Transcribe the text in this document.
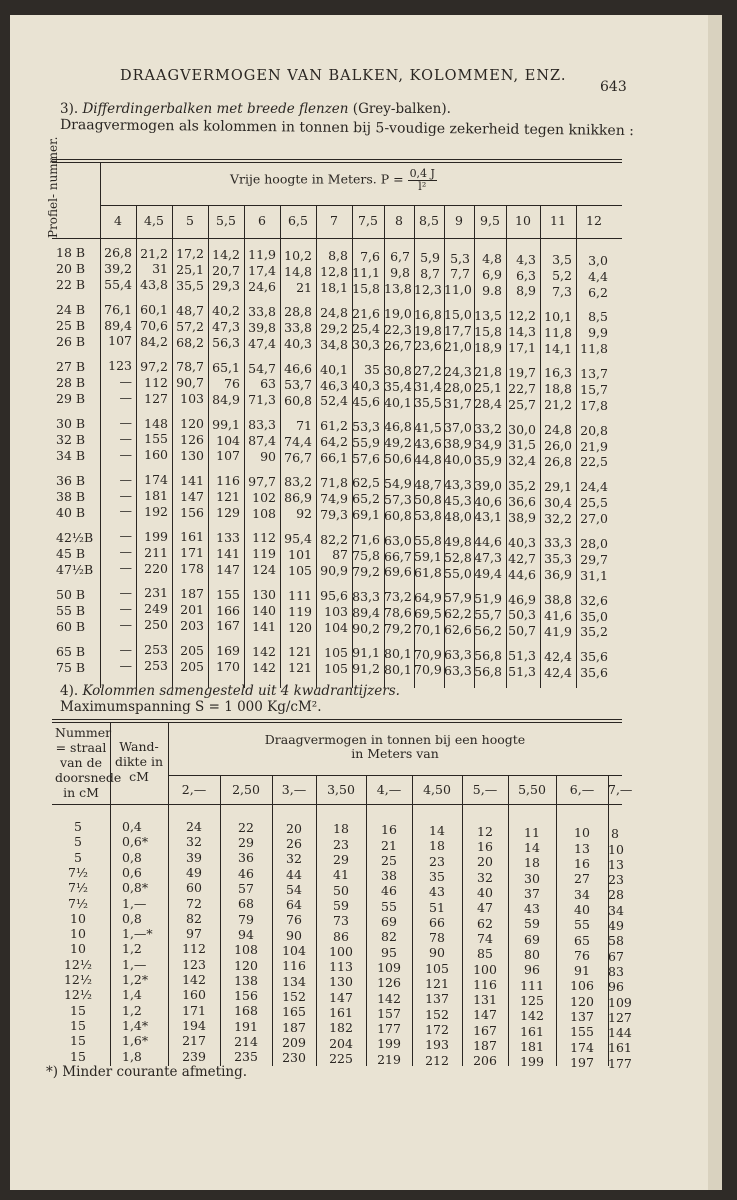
DRAAGVERMOGEN VAN BALKEN, KOLOMMEN, ENZ.
643
3). Differdingerbalken met breede flenzen (Grey-balken).
Draagvermogen als kolommen in tonnen bij 5-voudige zekerheid tegen knikken :
Profiel- nummer.	Vrije hoogte in Meters. $P = \frac{0,4 J}{\text{l²}}$
4	4,5	5	5,5	6	6,5	7	7,5	8	8,5	9	9,5	10	11	12
18 B	26,8 21,2 17,2 14,2 11,9 10,2	8,8 7,6 6,7 5,9 5,3 4,8	4,3	3,5	3,0
20 B	39,2	31 25,1 20,7 17,4 14,8 12,8 11,1 9,8 8,7 7,7 6,9	6,3	5,2	4,4
22 B	55,4 43,8 35,5 29,3 24,6	21 18,1 15,8 13,8 12,3 11,0 9.8	8,9	7,3	6,2
24 B	76,1 60,1 48,7 40,2 33,8 28,8 24,8 21,6 19,0 16,8 15,0 13,5 12,2 10,1	8,5
25 B	89,4 70,6 57,2 47,3 39,8 33,8 29,2 25,4 22,3 19,8 17,7 15,8 14,3 11,8	9,9
26 B	107 84,2 68,2 56,3 47,4 40,3 34,8 30,3 26,7 23,6 21,0 18,9 17,1 14,1 11,8
27 B	123 97,2 78,7 65,1 54,7 46,6 40,1	35 30,8 27,2 24,3 21,8 19,7 16,3 13,7
28 B	— 112 90,7	76	63 53,7 46,3 40,3 35,4 31,4 28,0 25,1 22,7 18,8 15,7
29 B	— 127 103 84,9 71,3 60,8 52,4 45,6 40,1 35,5 31,7 28,4 25,7 21,2 17,8
30 B	— 148 120 99,1 83,3	71 61,2 53,3 46,8 41,5 37,0 33,2 30,0 24,8 20,8
32 B	— 155 126 104 87,4 74,4 64,2 55,9 49,2 43,6 38,9 34,9 31,5 26,0 21,9
34 B	— 160 130 107	90 76,7 66,1 57,6 50,6 44,8 40,0 35,9 32,4 26,8 22,5
36 B	— 174 141 116 97,7 83,2 71,8 62,5 54,9 48,7 43,3 39,0 35,2 29,1 24,4
38 B	— 181 147 121 102 86,9 74,9 65,2 57,3 50,8 45,3 40,6 36,6 30,4 25,5
40 B	— 192 156 129 108	92 79,3 69,1 60,8 53,8 48,0 43,1 38,9 32,2 27,0
42½B	— 199 161 133 112 95,4 82,2 71,6 63,0 55,8 49,8 44,6 40,3 33,3 28,0
45 B	— 211 171 141 119 101	87 75,8 66,7 59,1 52,8 47,3 42,7 35,3 29,7
47½B	— 220 178 147 124 105 90,9 79,2 69,6 61,8 55,0 49,4 44,6 36,9 31,1
50 B	— 231 187 155 130 111 95,6 83,3 73,2 64,9 57,9 51,9 46,9 38,8 32,6
55 B	— 249 201 166 140 119 103 89,4 78,6 69,5 62,2 55,7 50,3 41,6 35,0
60 B	— 250 203 167 141 120 104 90,2 79,2 70,1 62,6 56,2 50,7 41,9 35,2
65 B	— 253 205 169 142 121 105 91,1 80,1 70,9 63,3 56,8 51,3 42,4 35,6
75 B	— 253 205 170 142 121 105 91,2 80,1 70,9 63,3 56,8 51,3 42,4 35,6
4). Kolommen samengesteld uit 4 kwadrantijzers.
Maximumspanning S = 1 000 Kg/cM².
Nummer
= straal
van de
doorsnede
in cM
Wand-
dikte in
cM
Draagvermogen in tonnen bij een hoogte
in Meters van
2,—	2,50	3,—	3,50	4,—	4,50	5,—	5,50	6,—	7,—
5	0,4	24	22	20	18	16	14	12	11	10	8
5	0,6*	32	29	26	23	21	18	16	14	13	10
5	0,8	39	36	32	29	25	23	20	18	16	13
7½	0,6	49	46	44	41	38	35	32	30	27	23
7½	0,8*	60	57	54	50	46	43	40	37	34	28
7½	1,—	72	68	64	59	55	51	47	43	40	34
10	0,8	82	79	76	73	69	66	62	59	55	49
10	1,—*	97	94	90	86	82	78	74	69	65	58
10	1,2	112	108	104	100	95	90	85	80	76	67
12½	1,—	123	120	116	113	109	105	100	96	91	83
12½	1,2*	142	138	134	130	126	121	116	111	106	96
12½	1,4	160	156	152	147	142	137	131	125	120	109
15	1,2	171	168	165	161	157	152	147	142	137	127
15	1,4*	194	191	187	182	177	172	167	161	155	144
15	1,6*	217	214	209	204	199	193	187	181	174	161
15	1,8	239	235	230	225	219	212	206	199	197	177
*) Minder courante afmeting.
